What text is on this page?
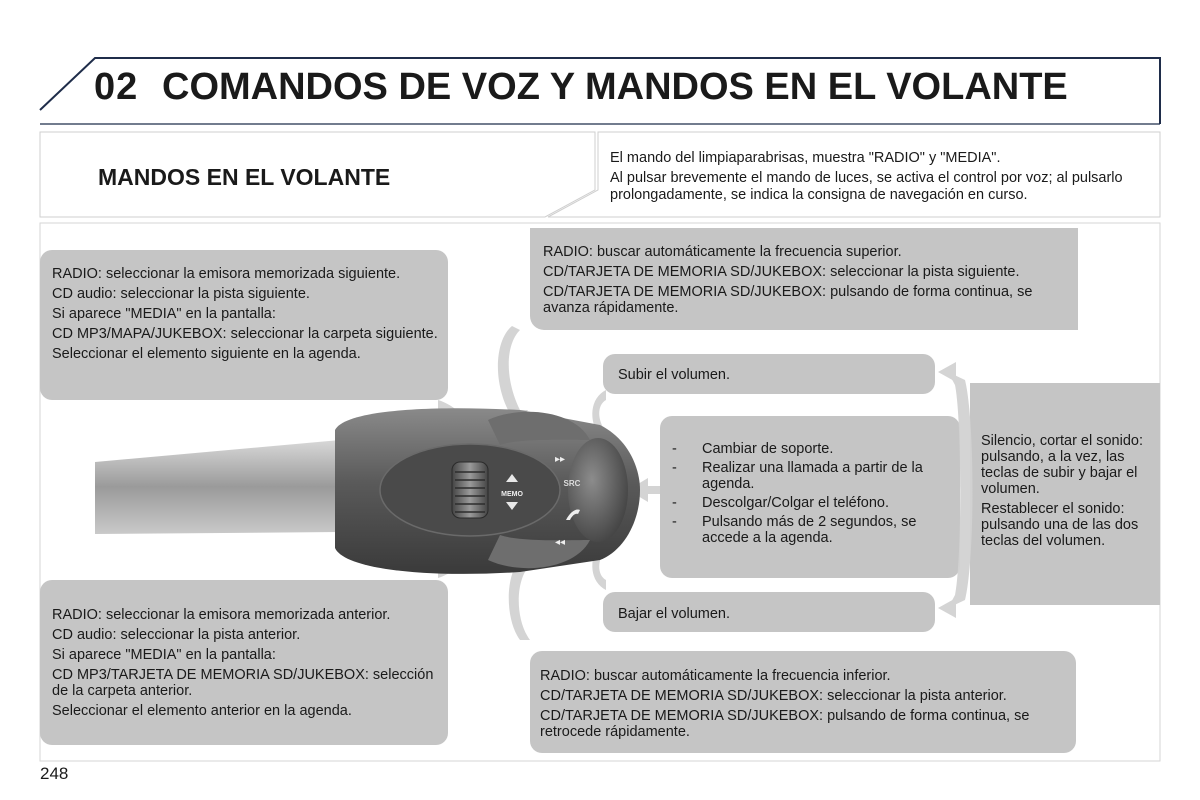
02 COMANDOS DE VOZ Y MANDOS EN EL VOLANTE
MANDOS EN EL VOLANTE
El mando del limpiaparabrisas, muestra "RADIO" y "MEDIA".
Al pulsar brevemente el mando de luces, se activa el control por voz; al pulsarlo prolongadamente, se indica la consigna de navegación en curso.
MEMO
SRC
▸▸
◂◂

RADIO: seleccionar la emisora memorizada siguiente.

CD audio: seleccionar la pista siguiente.

Si aparece "MEDIA" en la pantalla:

CD MP3/MAPA/JUKEBOX: seleccionar la carpeta siguiente.

Seleccionar el elemento siguiente en la agenda.

RADIO: buscar automáticamente la frecuencia superior.

CD/TARJETA DE MEMORIA SD/JUKEBOX: seleccionar la pista siguiente.

CD/TARJETA DE MEMORIA SD/JUKEBOX: pulsando de forma continua, se avanza rápidamente.

Subir el volumen.
-	Cambiar de soporte.
-	Realizar una llamada a partir de la agenda.
-	Descolgar/Colgar el teléfono.
-	Pulsando más de 2 segundos, se accede a la agenda.

Silencio, cortar el sonido: pulsando, a la vez, las teclas de subir y bajar el volumen.

Restablecer el sonido: pulsando una de las dos teclas del volumen.

Bajar el volumen.

RADIO: seleccionar la emisora memorizada anterior.

CD audio: seleccionar la pista anterior.

Si aparece "MEDIA" en la pantalla:

CD MP3/TARJETA DE MEMORIA SD/JUKEBOX: selección de la carpeta anterior.

Seleccionar el elemento anterior en la agenda.

RADIO: buscar automáticamente la frecuencia inferior.

CD/TARJETA DE MEMORIA SD/JUKEBOX: seleccionar la pista anterior.

CD/TARJETA DE MEMORIA SD/JUKEBOX: pulsando de forma continua, se retrocede rápidamente.

248
